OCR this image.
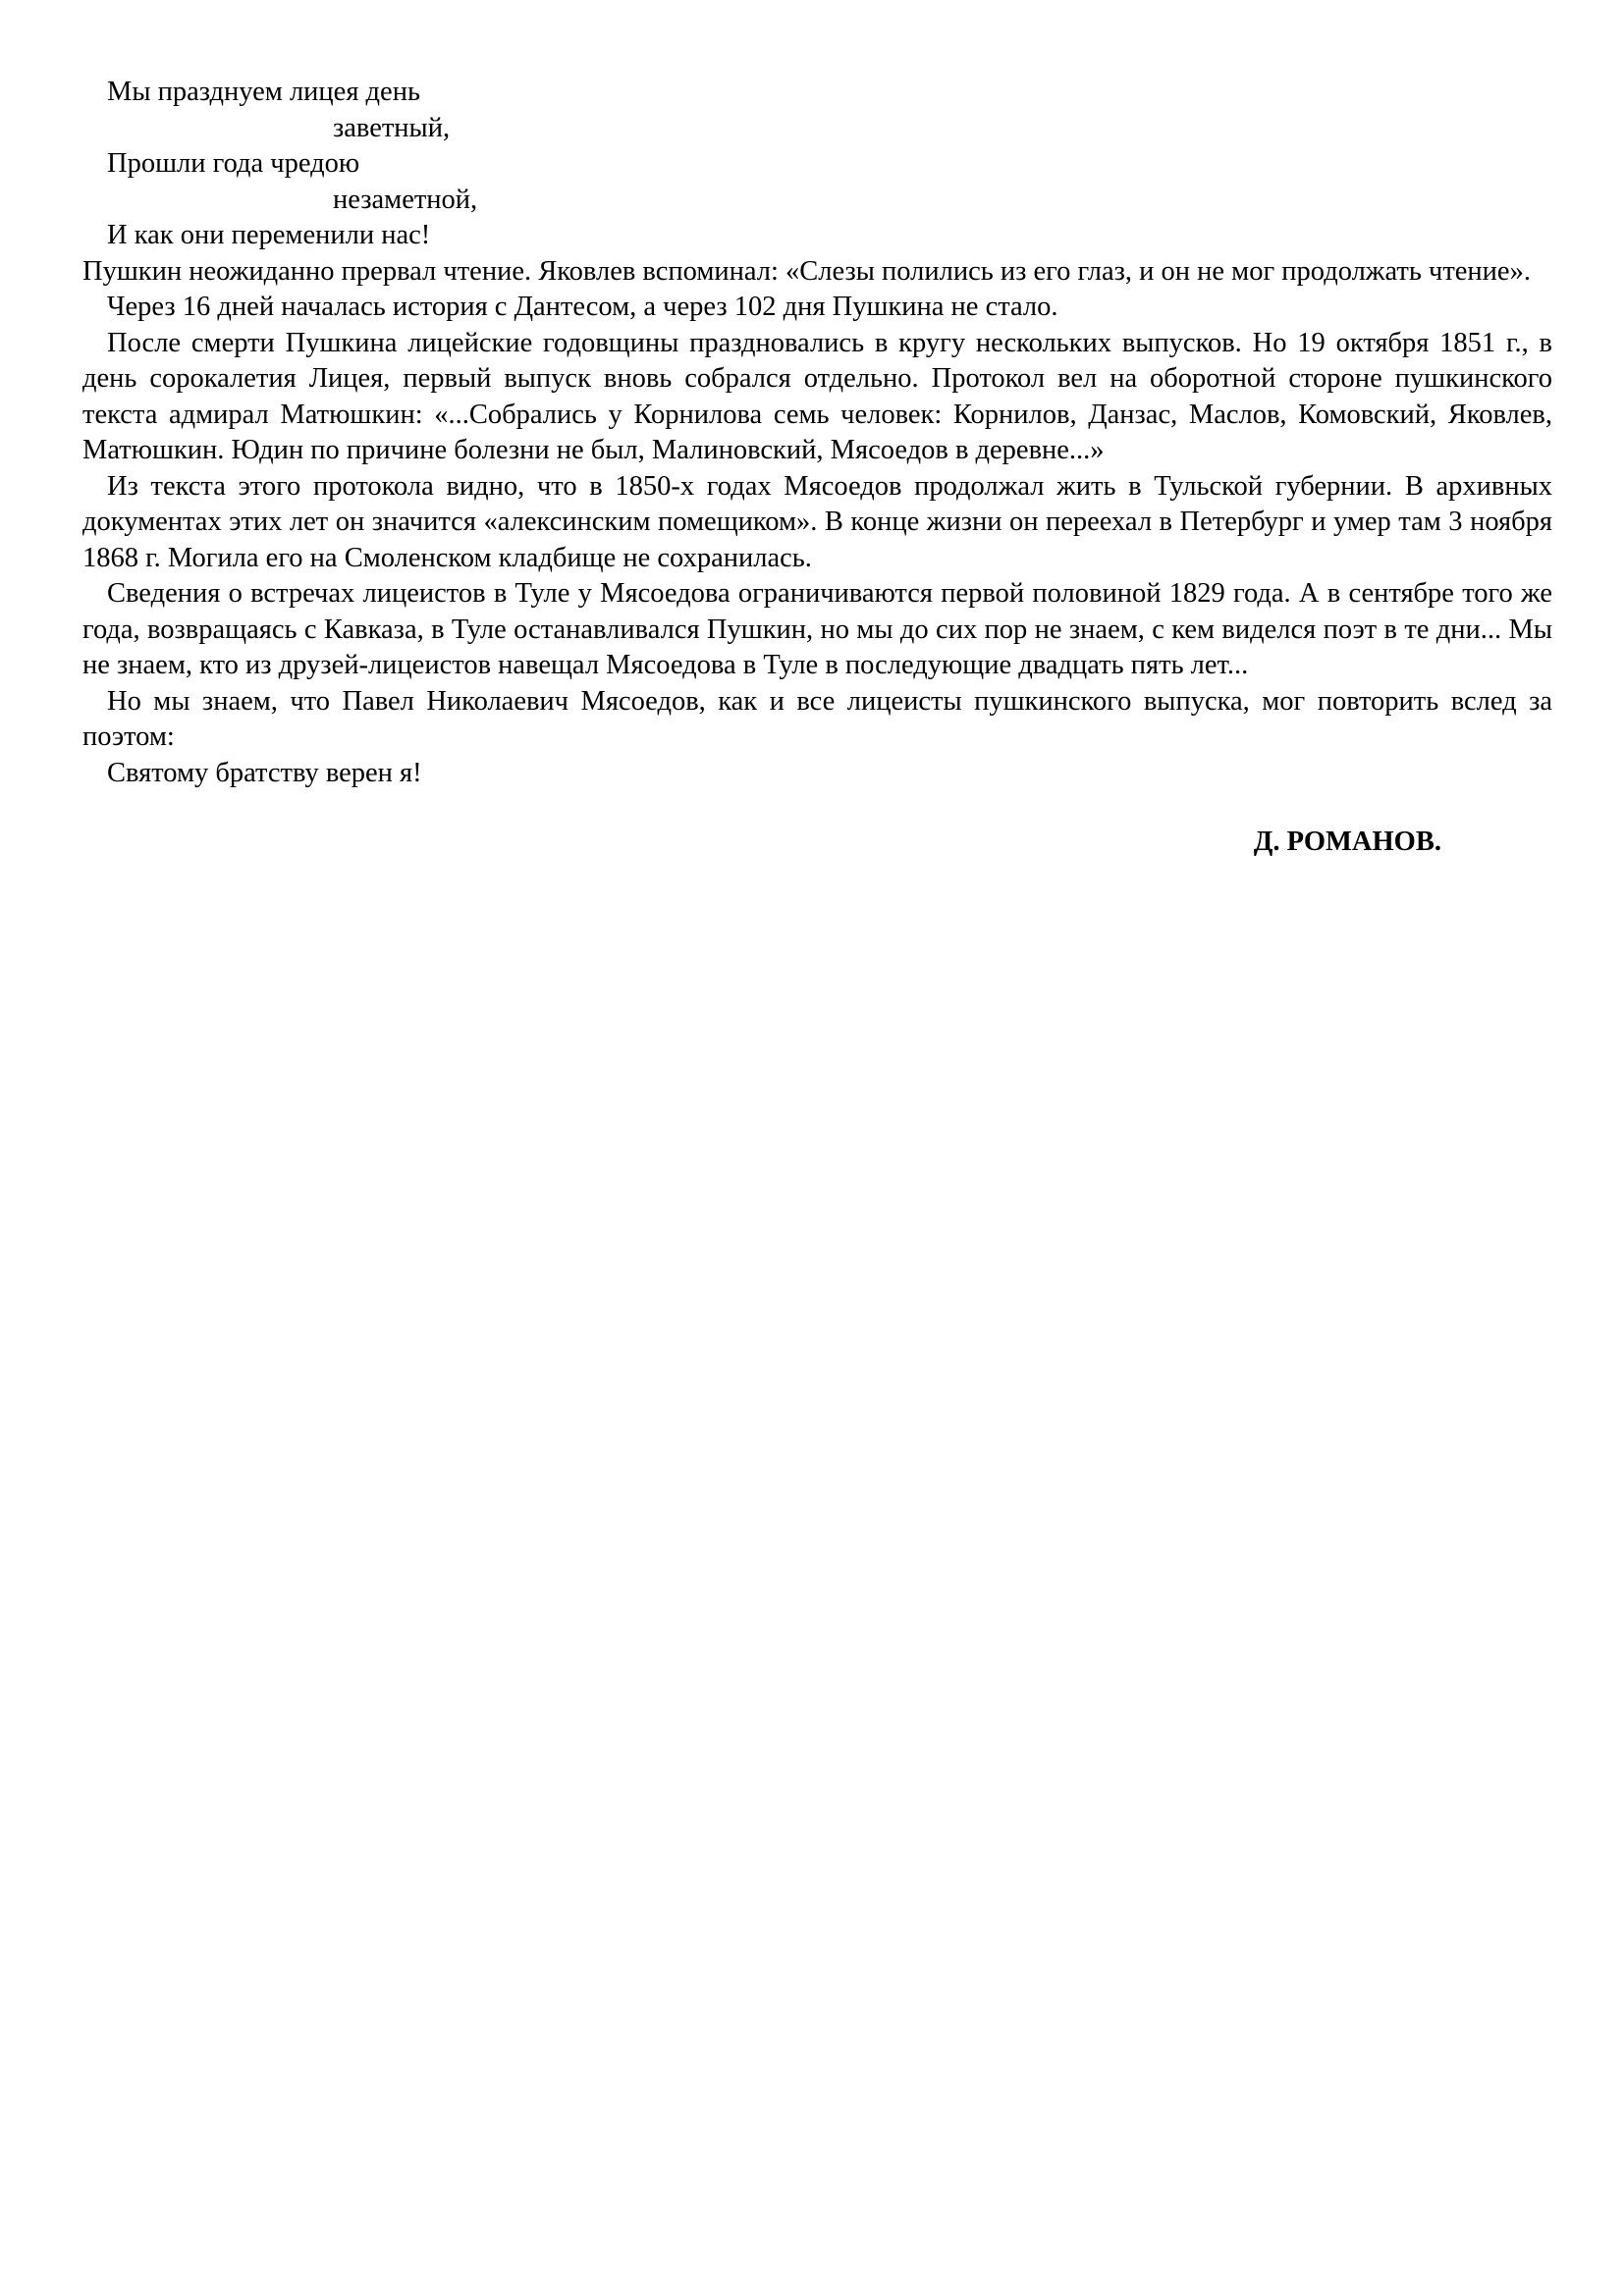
Мы празднуем лицея день
заветный,
Прошли года чредою
незаметной,
И как они переменили нас!

Пушкин неожиданно прервал чтение. Яковлев вспоминал: «Слезы полились из его глаз, и он не мог продолжать чтение».

Через 16 дней началась история с Дантесом, а через 102 дня Пушкина не стало.

После смерти Пушкина лицейские годовщины праздновались в кругу нескольких выпусков. Но 19 октября 1851 г., в день сорокалетия Лицея, первый выпуск вновь собрался отдельно. Протокол вел на оборотной стороне пушкинского текста адмирал Матюшкин: «...Собрались у Корнилова семь человек: Корнилов, Данзас, Маслов, Комовский, Яковлев, Матюшкин. Юдин по причине болезни не был, Малиновский, Мясоедов в деревне...»

Из текста этого протокола видно, что в 1850-х годах Мясоедов продолжал жить в Тульской губернии. В архивных документах этих лет он значится «алексинским помещиком». В конце жизни он переехал в Петербург и умер там 3 ноября 1868 г. Могила его на Смоленском кладбище не сохранилась.

Сведения о встречах лицеистов в Туле у Мясоедова ограничиваются первой половиной 1829 года. А в сентябре того же года, возвращаясь с Кавказа, в Туле останавливался Пушкин, но мы до сих пор не знаем, с кем виделся поэт в те дни... Мы не знаем, кто из друзей-лицеистов навещал Мясоедова в Туле в последующие двадцать пять лет...

Но мы знаем, что Павел Николаевич Мясоедов, как и все лицеисты пушкинского выпуска, мог повторить вслед за поэтом:

Святому братству верен я!

Д. РОМАНОВ.
